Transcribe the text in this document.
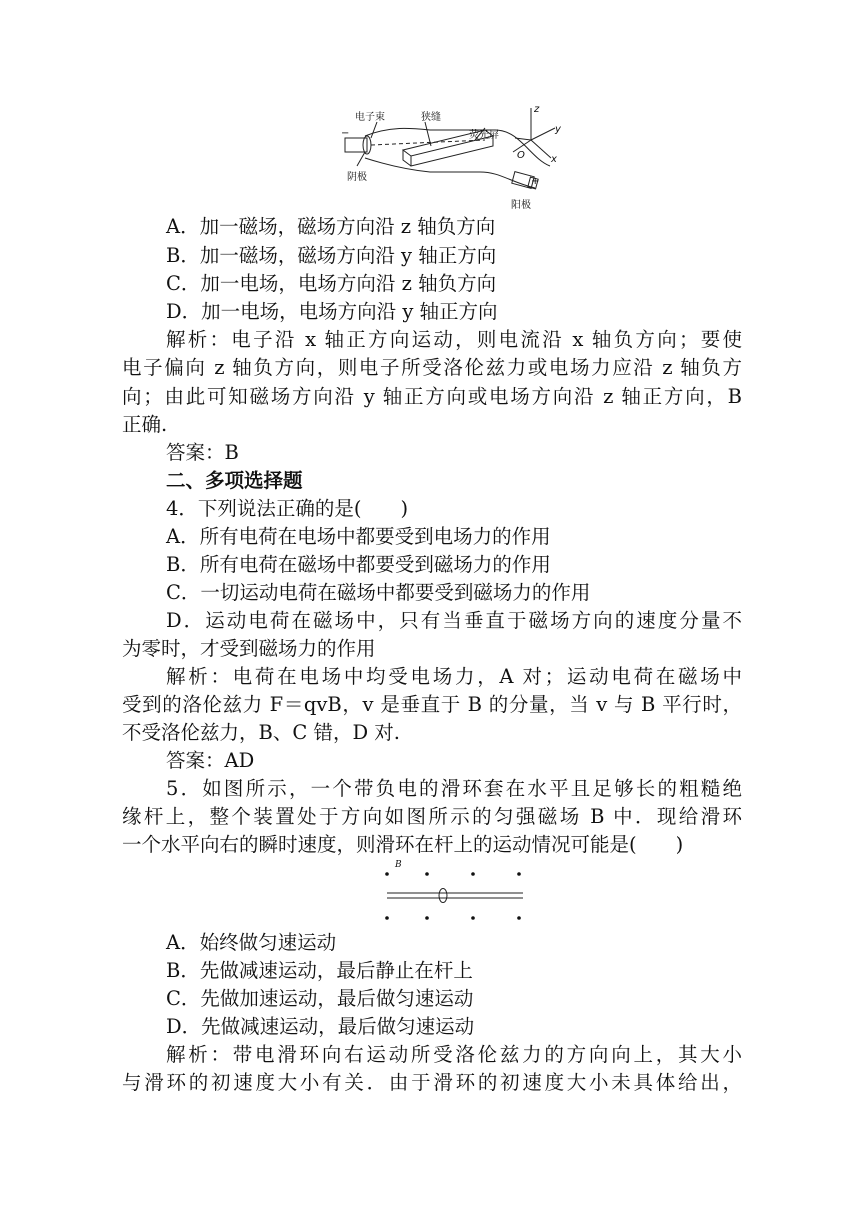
电子束	狭缝
荧光屏
阴极
阳极
−
+
z
y
x
O
A．加一磁场，磁场方向沿 z 轴负方向
B．加一磁场，磁场方向沿 y 轴正方向
C．加一电场，电场方向沿 z 轴负方向
D．加一电场，电场方向沿 y 轴正方向
解析：电子沿 x 轴正方向运动，则电流沿 x 轴负方向；要使
电子偏向 z 轴负方向，则电子所受洛伦兹力或电场力应沿 z 轴负方
向；由此可知磁场方向沿 y 轴正方向或电场方向沿 z 轴正方向，B
正确.
答案：B
二、多项选择题
4．下列说法正确的是(　　)
A．所有电荷在电场中都要受到电场力的作用
B．所有电荷在磁场中都要受到磁场力的作用
C．一切运动电荷在磁场中都要受到磁场力的作用
D．运动电荷在磁场中，只有当垂直于磁场方向的速度分量不
为零时，才受到磁场力的作用
解析：电荷在电场中均受电场力，A 对；运动电荷在磁场中
受到的洛伦兹力 F＝qvB，v 是垂直于 B 的分量，当 v 与 B 平行时，
不受洛伦兹力，B、C 错，D 对.
答案：AD
5．如图所示，一个带负电的滑环套在水平且足够长的粗糙绝
缘杆上，整个装置处于方向如图所示的匀强磁场 B 中．现给滑环
一个水平向右的瞬时速度，则滑环在杆上的运动情况可能是(　　)
B
A．始终做匀速运动
B．先做减速运动，最后静止在杆上
C．先做加速运动，最后做匀速运动
D．先做减速运动，最后做匀速运动
解析：带电滑环向右运动所受洛伦兹力的方向向上，其大小
与滑环的初速度大小有关．由于滑环的初速度大小未具体给出，
